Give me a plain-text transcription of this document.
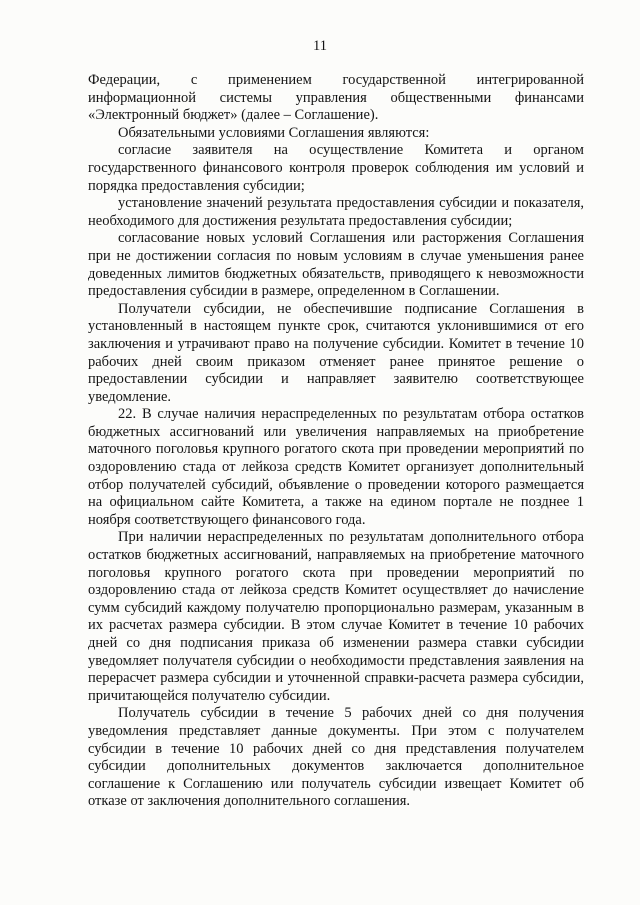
11

Федерации, с применением государственной интегрированной информационной системы управления общественными финансами «Электронный бюджет» (далее – Соглашение).

Обязательными условиями Соглашения являются:

согласие заявителя на осуществление Комитета и органом государственного финансового контроля проверок соблюдения им условий и порядка предоставления субсидии;

установление значений результата предоставления субсидии и показателя, необходимого для достижения результата предоставления субсидии;

согласование новых условий Соглашения или расторжения Соглашения при не достижении согласия по новым условиям в случае уменьшения ранее доведенных лимитов бюджетных обязательств, приводящего к невозможности предоставления субсидии в размере, определенном в Соглашении.

Получатели субсидии, не обеспечившие подписание Соглашения в установленный в настоящем пункте срок, считаются уклонившимися от его заключения и утрачивают право на получение субсидии. Комитет в течение 10 рабочих дней своим приказом отменяет ранее принятое решение о предоставлении субсидии и направляет заявителю соответствующее уведомление.

22. В случае наличия нераспределенных по результатам отбора остатков бюджетных ассигнований или увеличения направляемых на приобретение маточного поголовья крупного рогатого скота при проведении мероприятий по оздоровлению стада от лейкоза средств Комитет организует дополнительный отбор получателей субсидий, объявление о проведении которого размещается на официальном сайте Комитета, а также на едином портале не позднее 1 ноября соответствующего финансового года.

При наличии нераспределенных по результатам дополнительного отбора остатков бюджетных ассигнований, направляемых на приобретение маточного поголовья крупного рогатого скота при проведении мероприятий по оздоровлению стада от лейкоза средств Комитет осуществляет до начисление сумм субсидий каждому получателю пропорционально размерам, указанным в их расчетах размера субсидии. В этом случае Комитет в течение 10 рабочих дней со дня подписания приказа об изменении размера ставки субсидии уведомляет получателя субсидии о необходимости представления заявления на перерасчет размера субсидии и уточненной справки-расчета размера субсидии, причитающейся получателю субсидии.

Получатель субсидии в течение 5 рабочих дней со дня получения уведомления представляет данные документы. При этом с получателем субсидии в течение 10 рабочих дней со дня представления получателем субсидии дополнительных документов заключается дополнительное соглашение к Соглашению или получатель субсидии извещает Комитет об отказе от заключения дополнительного соглашения.
